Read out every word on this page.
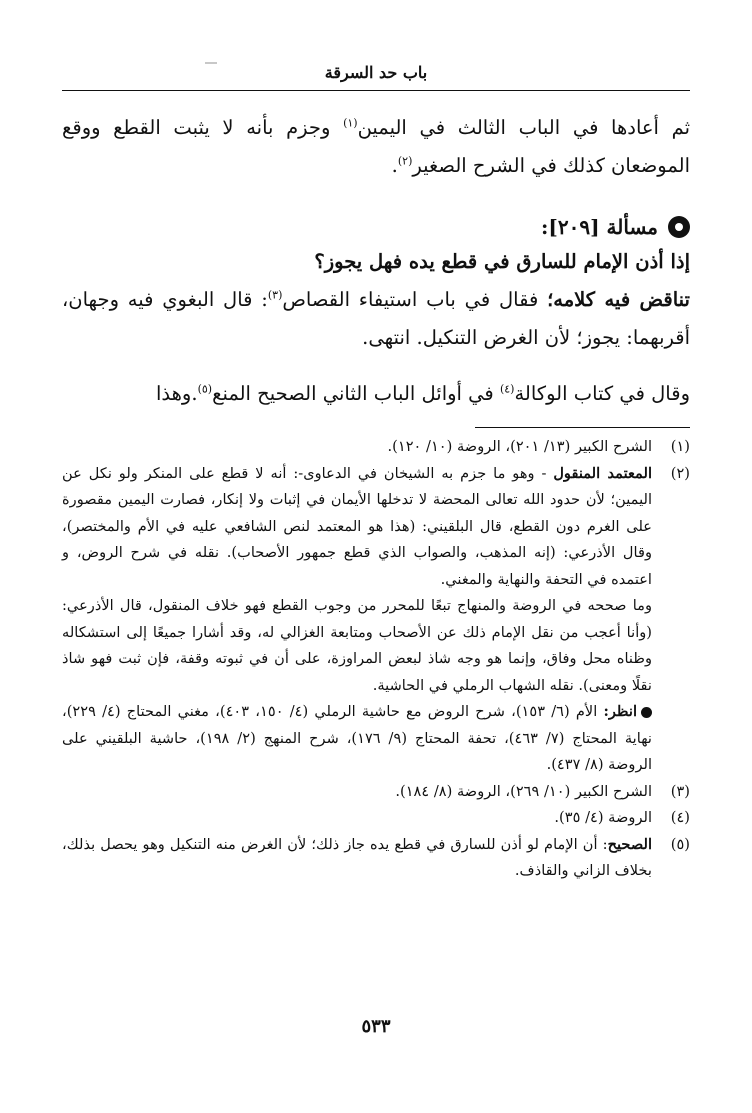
باب حد السرقة

ثم أعادها في الباب الثالث في اليمين$^{(١)}$ وجزم بأنه لا يثبت القطع ووقع الموضعان كذلك في الشرح الصغير$^{(٢)}$.

مسألة [٢٠٩]:

إذا أذن الإمام للسارق في قطع يده فهل يجوز؟

تناقض فيه كلامه؛ فقال في باب استيفاء القصاص$^{(٣)}$: قال البغوي فيه وجهان، أقربهما: يجوز؛ لأن الغرض التنكيل. انتهى.

وقال في كتاب الوكالة$^{(٤)}$ في أوائل الباب الثاني الصحيح المنع$^{(٥)}$.وهذا

(١)
الشرح الكبير (١٣/ ٢٠١)، الروضة (١٠/ ١٢٠).
(٢)

المعتمد المنقول - وهو ما جزم به الشيخان في الدعاوى-: أنه لا قطع على المنكر ولو نكل عن اليمين؛ لأن حدود الله تعالى المحضة لا تدخلها الأيمان في إثبات ولا إنكار، فصارت اليمين مقصورة على الغرم دون القطع، قال البلقيني: (هذا هو المعتمد لنص الشافعي عليه في الأم والمختصر)، وقال الأذرعي: (إنه المذهب، والصواب الذي قطع جمهور الأصحاب). نقله في شرح الروض، و اعتمده في التحفة والنهاية والمغني.

وما صححه في الروضة والمنهاج تبعًا للمحرر من وجوب القطع فهو خلاف المنقول، قال الأذرعي: (وأنا أعجب من نقل الإمام ذلك عن الأصحاب ومتابعة الغزالي له، وقد أشارا جميعًا إلى استشكاله وظناه محل وفاق، وإنما هو وجه شاذ لبعض المراوزة، على أن في ثبوته وقفة، فإن ثبت فهو شاذ نقلًا ومعنى). نقله الشهاب الرملي في الحاشية.

انظر: الأم (٦/ ١٥٣)، شرح الروض مع حاشية الرملي (٤/ ١٥٠، ٤٠٣)، مغني المحتاج (٤/ ٢٢٩)، نهاية المحتاج (٧/ ٤٦٣)، تحفة المحتاج (٩/ ١٧٦)، شرح المنهج (٢/ ١٩٨)، حاشية البلقيني على الروضة (٨/ ٤٣٧).

(٣)
الشرح الكبير (١٠/ ٢٦٩)، الروضة (٨/ ١٨٤).
(٤)
الروضة (٤/ ٣٥).
(٥)
الصحيح: أن الإمام لو أذن للسارق في قطع يده جاز ذلك؛ لأن الغرض منه التنكيل وهو يحصل بذلك، بخلاف الزاني والقاذف.
٥٣٣
